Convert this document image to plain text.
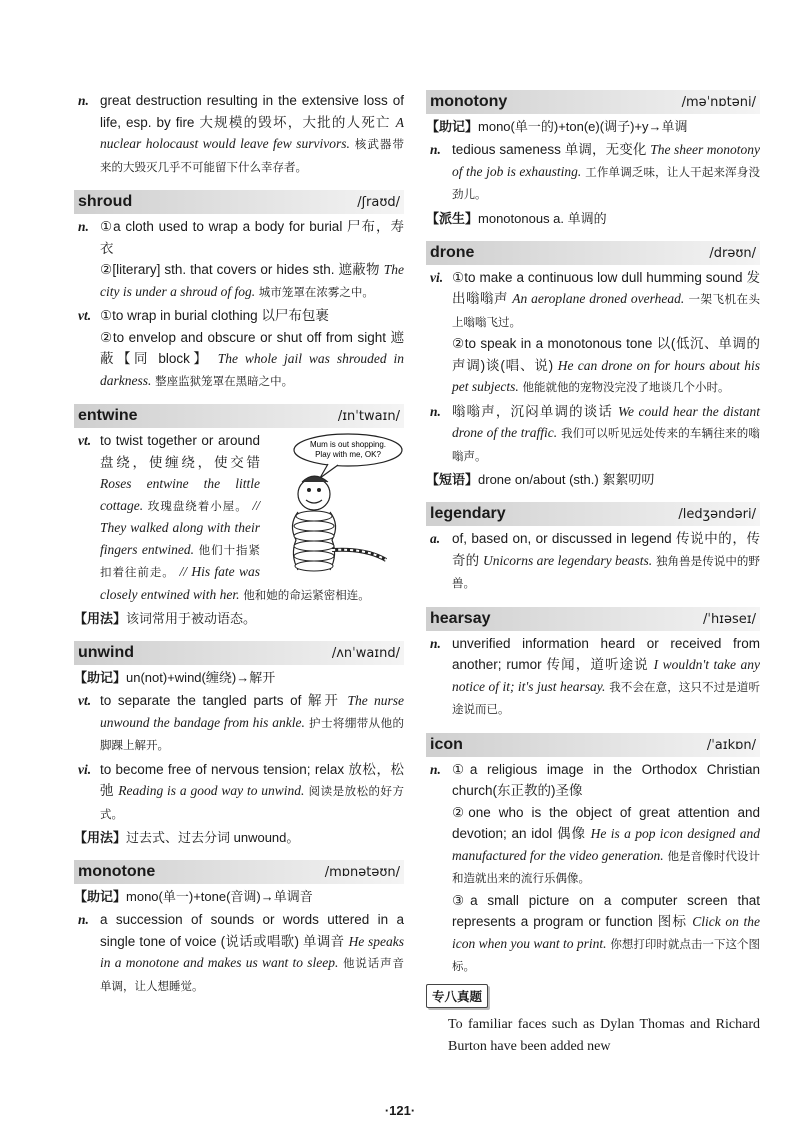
n. great destruction resulting in the extensive loss of life, esp. by fire 大规模的毁坏，大批的人死亡 A nuclear holocaust would leave few survivors. 核武器带来的大毁灭几乎不可能留下什么幸存者。
shroud	/ʃraʊd/
n. ①a cloth used to wrap a body for burial 尸布，寿衣
②[literary] sth. that covers or hides sth. 遮蔽物 The city is under a shroud of fog. 城市笼罩在浓雾之中。
vt. ①to wrap in burial clothing 以尸布包裹
②to envelop and obscure or shut off from sight 遮蔽【同 block】 The whole jail was shrouded in darkness. 整座监狱笼罩在黑暗之中。
entwine	/ɪnˈtwaɪn/
vt.	Mum is out shopping. Play with me, OK?
to twist together or around 盘绕，使缠绕，使交错 Roses entwine the little cottage. 玫瑰盘绕着小屋。 // They walked along with their fingers entwined. 他们十指紧扣着往前走。 // His fate was closely entwined with her. 他和她的命运紧密相连。
【用法】该词常用于被动语态。
unwind	/ʌnˈwaɪnd/
【助记】un(not)+wind(缠绕)→解开
vt. to separate the tangled parts of 解开 The nurse unwound the bandage from his ankle. 护士将绷带从他的脚踝上解开。
vi. to become free of nervous tension; relax 放松，松弛 Reading is a good way to unwind. 阅读是放松的好方式。
【用法】过去式、过去分词 unwound。
monotone	/mɒnətəʊn/
【助记】mono(单一)+tone(音调)→单调音
n. a succession of sounds or words uttered in a single tone of voice (说话或唱歌) 单调音 He speaks in a monotone and makes us want to sleep. 他说话声音单调，让人想睡觉。
monotony	/məˈnɒtəni/
【助记】mono(单一的)+ton(e)(调子)+y→单调
n. tedious sameness 单调，无变化 The sheer monotony of the job is exhausting. 工作单调乏味，让人干起来浑身没劲儿。
【派生】monotonous a. 单调的
drone	/drəʊn/
vi. ①to make a continuous low dull humming sound 发出嗡嗡声 An aeroplane droned overhead. 一架飞机在头上嗡嗡飞过。
②to speak in a monotonous tone 以(低沉、单调的声调)谈(唱、说) He can drone on for hours about his pet subjects. 他能就他的宠物没完没了地谈几个小时。
n. 嗡嗡声，沉闷单调的谈话 We could hear the distant drone of the traffic. 我们可以听见远处传来的车辆往来的嗡嗡声。
【短语】drone on/about (sth.) 絮絮叨叨
legendary	/ledʒəndəri/
a. of, based on, or discussed in legend 传说中的，传奇的 Unicorns are legendary beasts. 独角兽是传说中的野兽。
hearsay	/ˈhɪəseɪ/
n. unverified information heard or received from another; rumor 传闻，道听途说 I wouldn't take any notice of it; it's just hearsay. 我不会在意，这只不过是道听途说而已。
icon	/ˈaɪkɒn/
n. ①a religious image in the Orthodox Christian church(东正教的)圣像
②one who is the object of great attention and devotion; an idol 偶像 He is a pop icon designed and manufactured for the video generation. 他是音像时代设计和造就出来的流行乐偶像。
③a small picture on a computer screen that represents a program or function 图标 Click on the icon when you want to print. 你想打印时就点击一下这个图标。
专八真题
To familiar faces such as Dylan Thomas and Richard Burton have been added new
·121·
